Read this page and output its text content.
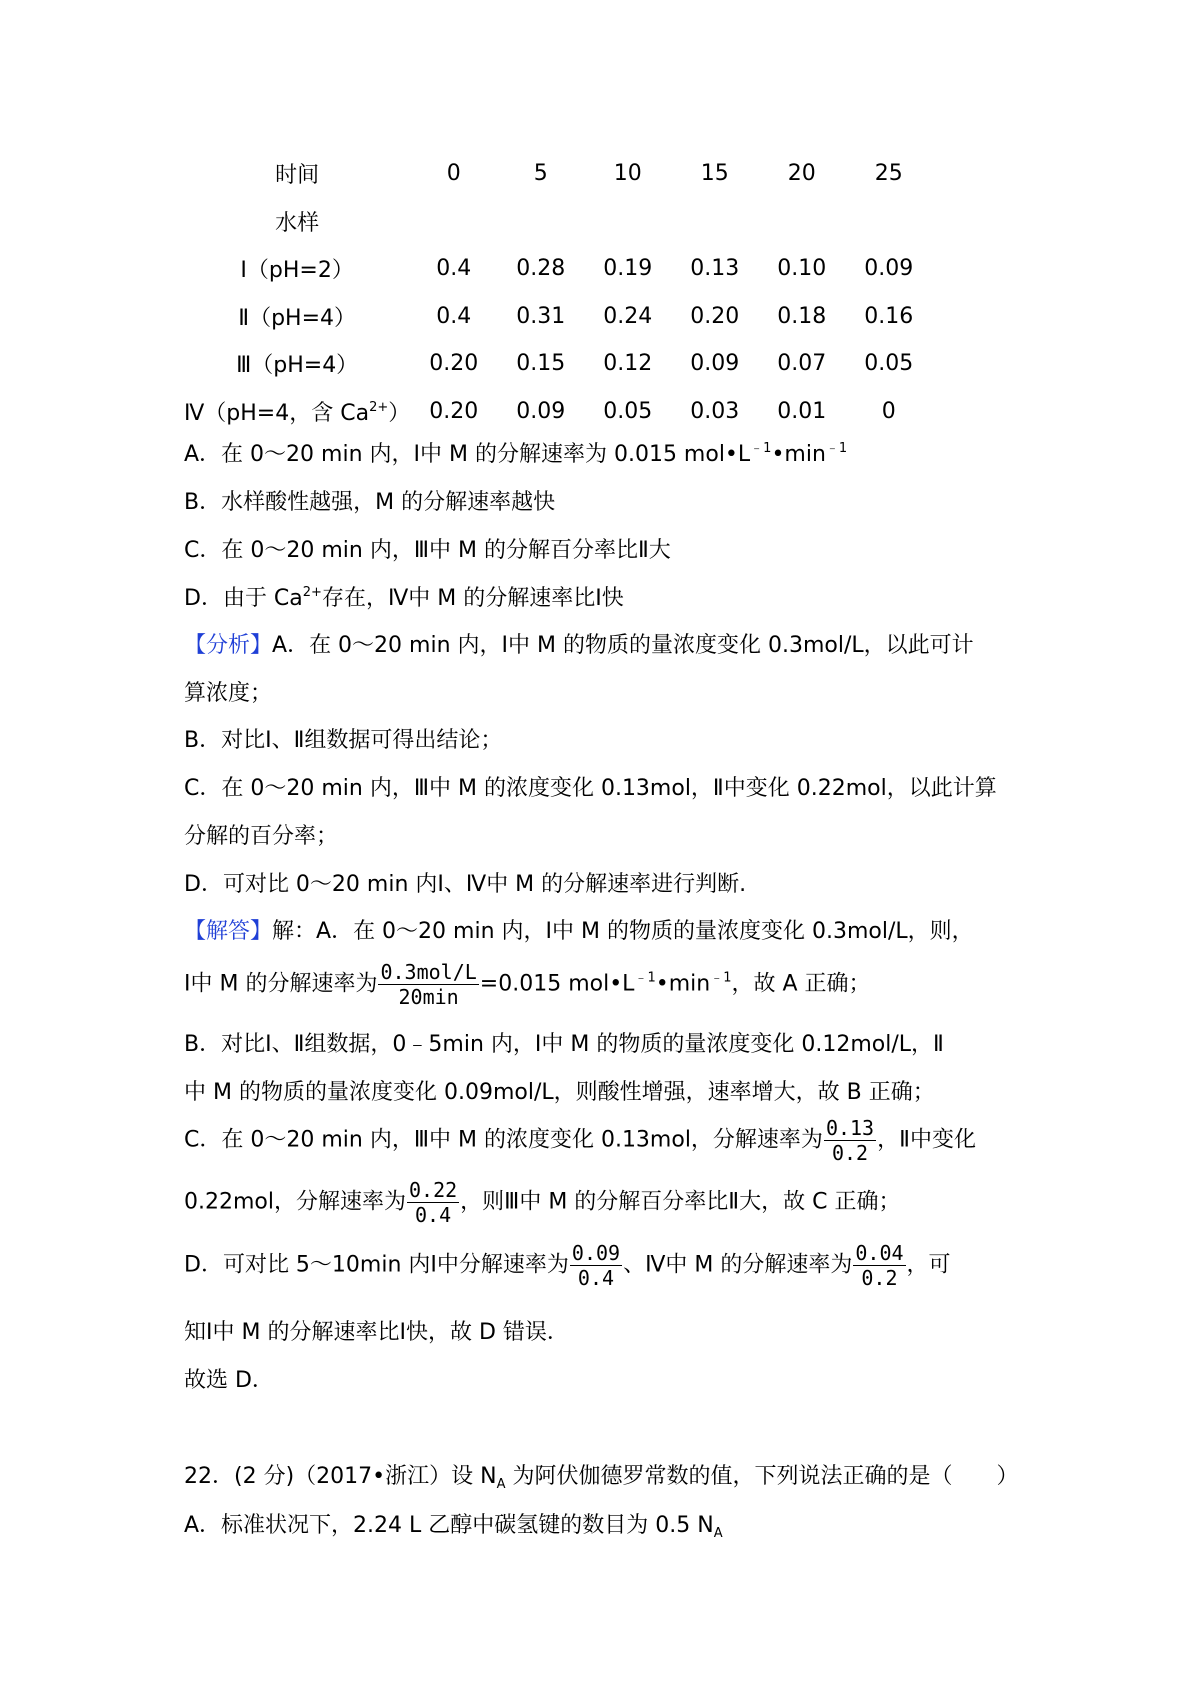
时间	0	5	10	15	20	25
水样						
Ⅰ（pH=2）	0.4	0.28	0.19	0.13	0.10	0.09
Ⅱ（pH=4）	0.4	0.31	0.24	0.20	0.18	0.16
Ⅲ（pH=4）	0.20	0.15	0.12	0.09	0.07	0.05
Ⅳ（pH=4，含 $Ca^{2+}$）	0.20	0.09	0.05	0.03	0.01	0
A．在 0～20 min 内，Ⅰ中 M 的分解速率为 0.015 $mol•L^{﹣1}•\min^{﹣1}$
B．水样酸性越强，M 的分解速率越快
C．在 0～20 min 内，Ⅲ中 M 的分解百分率比Ⅱ大
D．由于 $Ca^{2+}$存在，Ⅳ中 M 的分解速率比Ⅰ快
【分析】A．在 0～20 min 内，Ⅰ中 M 的物质的量浓度变化 0.3mol/L，以此可计
算浓度；
B．对比Ⅰ、Ⅱ组数据可得出结论；
C．在 0～20 min 内，Ⅲ中 M 的浓度变化 0.13mol，Ⅱ中变化 0.22mol，以此计算
分解的百分率；
D．可对比 0～20 min 内Ⅰ、Ⅳ中 M 的分解速率进行判断.
【解答】解：A．在 0～20 min 内，Ⅰ中 M 的物质的量浓度变化 0.3mol/L，则，
Ⅰ中 M 的分解速率为 $\frac{\text{0.3mol/L}}{20\min} =0.015$ $mol•L^{﹣1}•\min^{﹣1}$，故 A 正确；
B．对比Ⅰ、Ⅱ组数据，0﹣5min 内，Ⅰ中 M 的物质的量浓度变化 0.12mol/L，Ⅱ
中 M 的物质的量浓度变化 0.09mol/L，则酸性增强，速率增大，故 B 正确；
C．在 0～20 min 内，Ⅲ中 M 的浓度变化 0.13mol，分解速率为 $\frac{0.13}{0.2}$ ，Ⅱ中变化
0.22mol，分解速率为 $\frac{0.22}{0.4}$ ，则Ⅲ中 M 的分解百分率比Ⅱ大，故 C 正确；
D．可对比 5～10min 内Ⅰ中分解速率为 $\frac{0.09}{0.4}$ 、Ⅳ中 M 的分解速率为 $\frac{0.04}{0.2}$ ，可
知Ⅰ中 M 的分解速率比Ⅰ快，故 D 错误．
故选 D．
22．(2 分)（2017•浙江）设 $N_A$ 为阿伏伽德罗常数的值，下列说法正确的是（　　）
A．标准状况下，2.24 L 乙醇中碳氢键的数目为 0.5 $N_A$
